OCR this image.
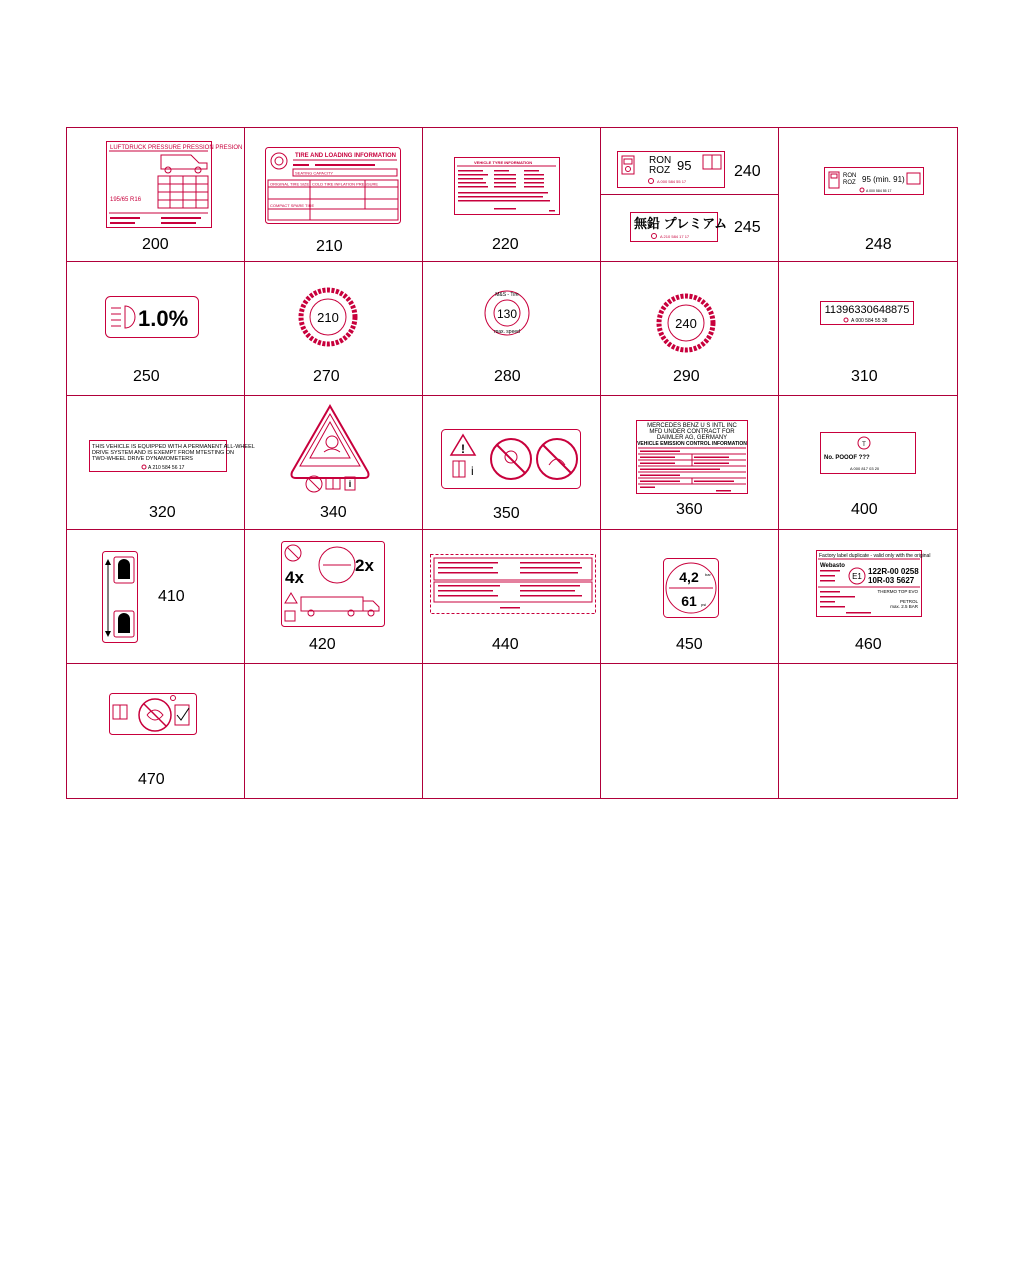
LUFTDRUCK PRESSURE PRESSION PRESION
195/65 R16
200
TIRE AND LOADING INFORMATION
SEATING CAPACITY
ORIGINAL TIRE SIZE COLD TIRE INFLATION PRESSURE
COMPACT SPARE TIRE
210
VEHICLE TYRE INFORMATION
220
RON
ROZ 95
A 000 584 55 17
240
無鉛 プレミアム
A 210 584 17 17
245
RON
ROZ 95 (min. 91)
A 000 584 55 17
248
1.0%
250
210
270
130
M&S - Tire
max. speed
280
240
290
11396330648875
A 000 584 55 38
310
THIS VEHICLE IS EQUIPPED WITH A PERMANENT ALL-WHEEL
DRIVE SYSTEM AND IS EXEMPT FROM MTESTING ON
TWO-WHEEL DRIVE DYNAMOMETERS
A 210 584 56 17
320
i
340
!
i
350
MERCEDES BENZ U S INTL INC
MFD UNDER CONTRACT FOR
DAIMLER AG, GERMANY
VEHICLE EMISSION CONTROL INFORMATION
360
T
No. POOOF ???
A 000 817 03 20
400
410
4x
2x
420	440
4,2 bar
61 psi
450
Factory label duplicate - valid only with the original
Webasto
E1
122R-00 0258
10R-03 5627
THERMO TOP EVO
PETROL
max. 2.5 BAR
460
470
